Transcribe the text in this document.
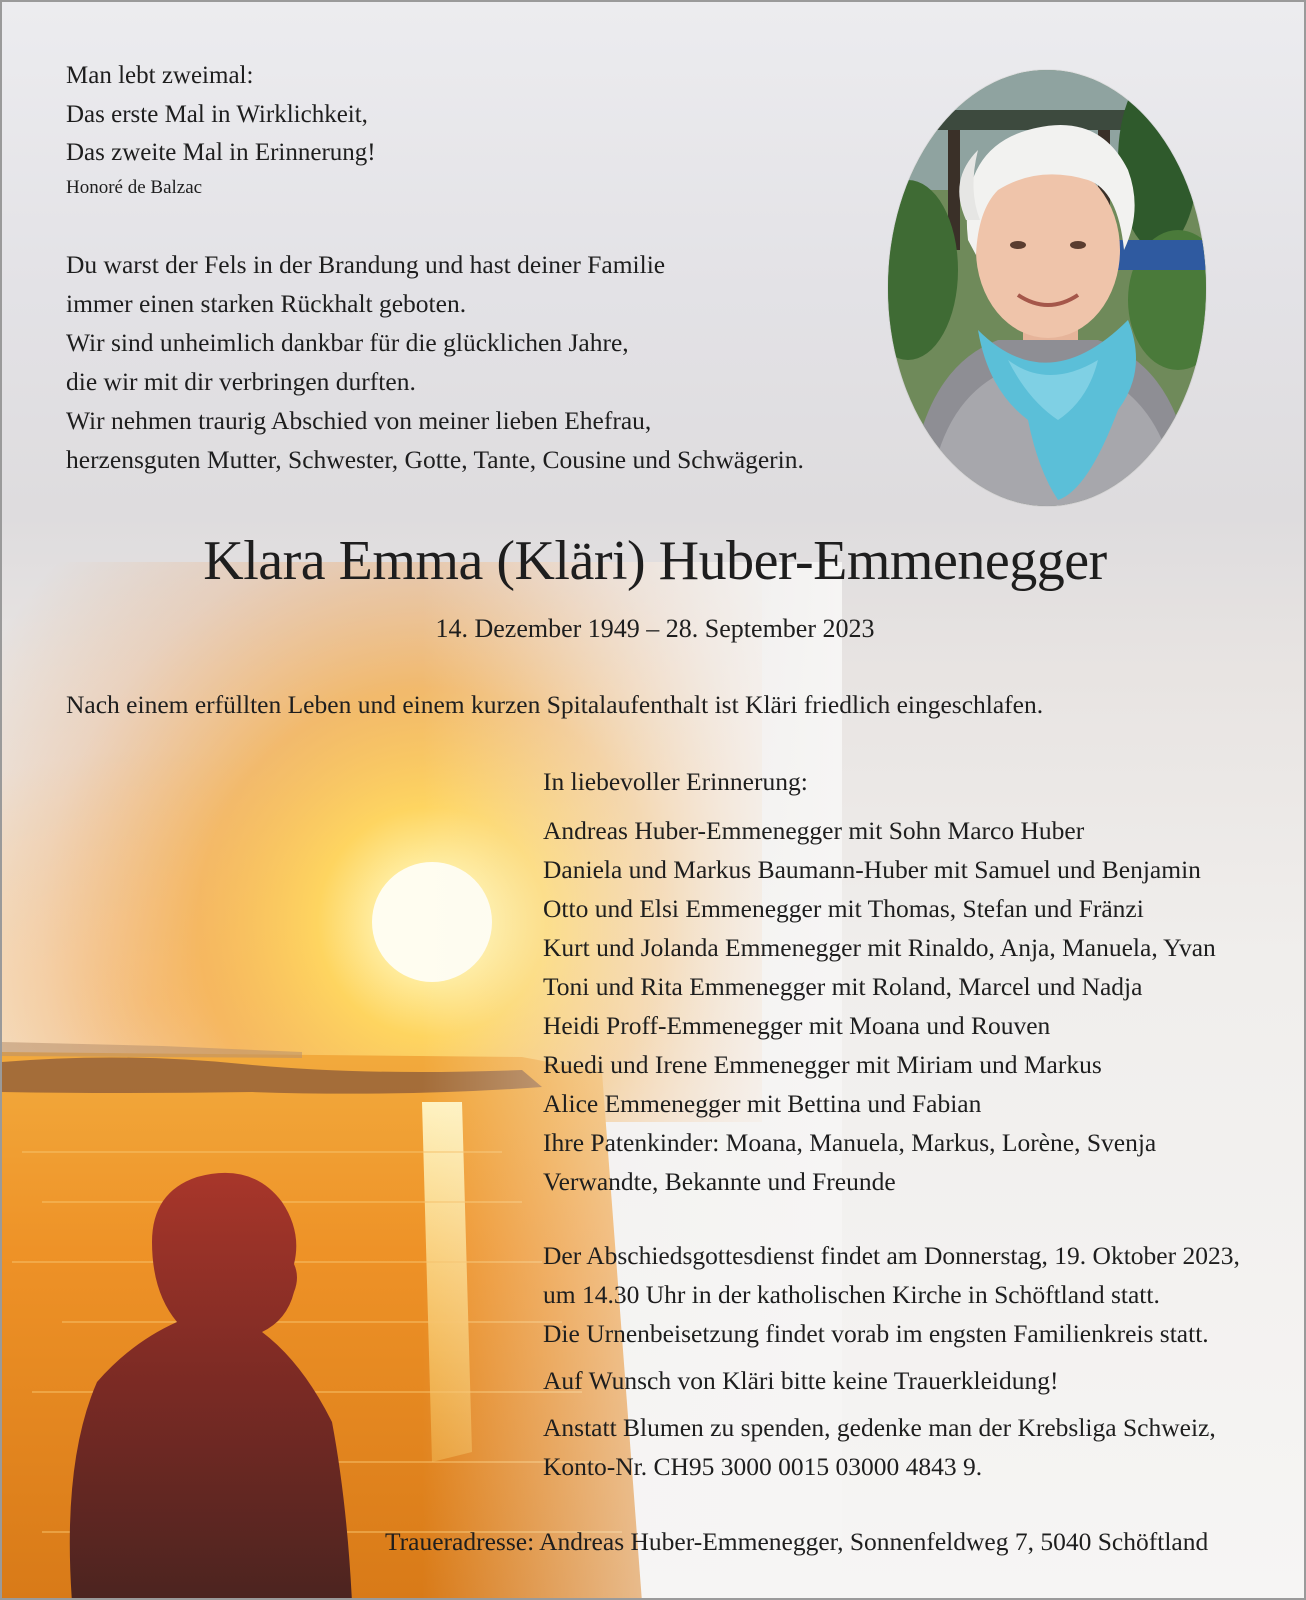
Man lebt zweimal:
Das erste Mal in Wirklichkeit,
Das zweite Mal in Erinnerung!
Honoré de Balzac
Du warst der Fels in der Brandung und hast deiner Familie
immer einen starken Rückhalt geboten.
Wir sind unheimlich dankbar für die glücklichen Jahre,
die wir mit dir verbringen durften.
Wir nehmen traurig Abschied von meiner lieben Ehefrau,
herzensguten Mutter, Schwester, Gotte, Tante, Cousine und Schwägerin.
Klara Emma (Kläri) Huber-Emmenegger
14. Dezember 1949 – 28. September 2023
Nach einem erfüllten Leben und einem kurzen Spitalaufenthalt ist Kläri friedlich eingeschlafen.
In liebevoller Erinnerung:
Andreas Huber-Emmenegger mit Sohn Marco Huber
Daniela und Markus Baumann-Huber mit Samuel und Benjamin
Otto und Elsi Emmenegger mit Thomas, Stefan und Fränzi
Kurt und Jolanda Emmenegger mit Rinaldo, Anja, Manuela, Yvan
Toni und Rita Emmenegger mit Roland, Marcel und Nadja
Heidi Proff-Emmenegger mit Moana und Rouven
Ruedi und Irene Emmenegger mit Miriam und Markus
Alice Emmenegger mit Bettina und Fabian
Ihre Patenkinder: Moana, Manuela, Markus, Lorène, Svenja
Verwandte, Bekannte und Freunde
Der Abschiedsgottesdienst findet am Donnerstag, 19. Oktober 2023,
um 14.30 Uhr in der katholischen Kirche in Schöftland statt.
Die Urnenbeisetzung findet vorab im engsten Familienkreis statt.
Auf Wunsch von Kläri bitte keine Trauerkleidung!
Anstatt Blumen zu spenden, gedenke man der Krebsliga Schweiz,
Konto-Nr. CH95 3000 0015 03000 4843 9.
Traueradresse: Andreas Huber-Emmenegger, Sonnenfeldweg 7, 5040 Schöftland
